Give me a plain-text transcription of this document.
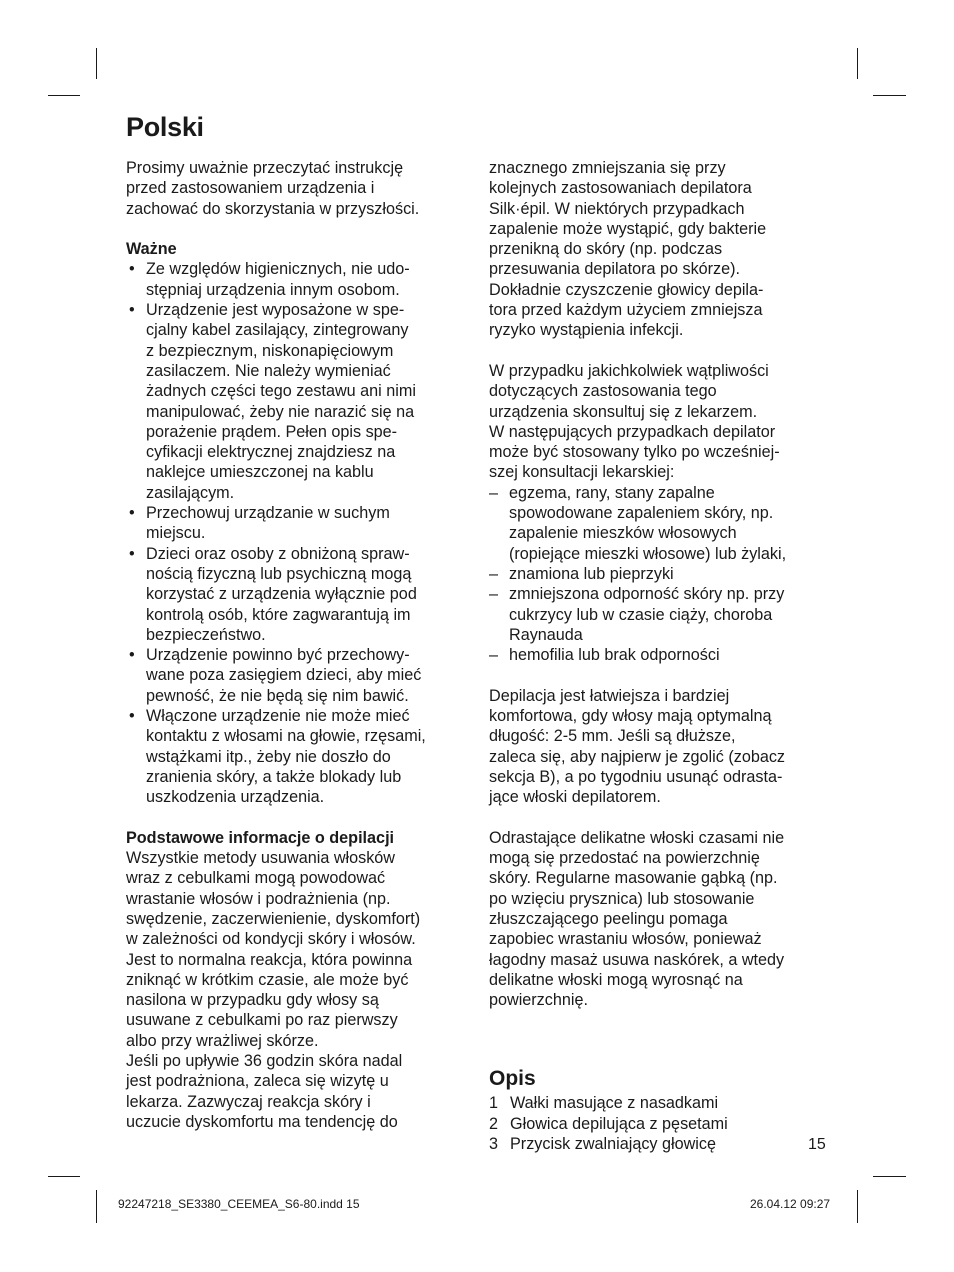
Polski

Prosimy uważnie przeczytać instrukcję

przed zastosowaniem urządzenia i

zachować do skorzystania w przyszłości.

Ważne

• Ze względów higienicznych, nie udo-

stępniaj urządzenia innym osobom.

• Urządzenie jest wyposażone w spe-

cjalny kabel zasilający, zintegrowany

z bezpiecznym, niskonapięciowym

zasilaczem. Nie należy wymieniać

żadnych części tego zestawu ani nimi

manipulować, żeby nie narazić się na

porażenie prądem. Pełen opis spe-

cyfikacji elektrycznej znajdziesz na

naklejce umieszczonej na kablu

zasilającym.

• Przechowuj urządzanie w suchym

miejscu.

• Dzieci oraz osoby z obniżoną spraw-

nością fizyczną lub psychiczną mogą

korzystać z urządzenia wyłącznie pod

kontrolą osób, które zagwarantują im

bezpieczeństwo.

• Urządzenie powinno być przechowy-

wane poza zasięgiem dzieci, aby mieć

pewność, że nie będą się nim bawić.

• Włączone urządzenie nie może mieć

kontaktu z włosami na głowie, rzęsami,

wstążkami itp., żeby nie doszło do

zranienia skóry, a także blokady lub

uszkodzenia urządzenia.

Podstawowe informacje o depilacji

Wszystkie metody usuwania włosków

wraz z cebulkami mogą powodować

wrastanie włosów i podrażnienia (np.

swędzenie, zaczerwienienie, dyskomfort)

w zależności od kondycji skóry i włosów.

Jest to normalna reakcja, która powinna

zniknąć w krótkim czasie, ale może być

nasilona w przypadku gdy włosy są

usuwane z cebulkami po raz pierwszy

albo przy wrażliwej skórze.

Jeśli po upływie 36 godzin skóra nadal

jest podrażniona, zaleca się wizytę u

lekarza. Zazwyczaj reakcja skóry i

uczucie dyskomfortu ma tendencję do

znacznego zmniejszania się przy

kolejnych zastosowaniach depilatora

Silk·épil. W niektórych przypadkach

zapalenie może wystąpić, gdy bakterie

przenikną do skóry (np. podczas

przesuwania depilatora po skórze).

Dokładnie czyszczenie głowicy depila-

tora przed każdym użyciem zmniejsza

ryzyko wystąpienia infekcji.

W przypadku jakichkolwiek wątpliwości

dotyczących zastosowania tego

urządzenia skonsultuj się z lekarzem.

W następujących przypadkach depilator

może być stosowany tylko po wcześniej-

szej konsultacji lekarskiej:

– egzema, rany, stany zapalne

spowodowane zapaleniem skóry, np.

zapalenie mieszków włosowych

(ropiejące mieszki włosowe) lub żylaki,

– znamiona lub pieprzyki

– zmniejszona odporność skóry np. przy

cukrzycy lub w czasie ciąży, choroba

Raynauda

– hemofilia lub brak odporności

Depilacja jest łatwiejsza i bardziej

komfortowa, gdy włosy mają optymalną

długość: 2-5 mm. Jeśli są dłuższe,

zaleca się, aby najpierw je zgolić (zobacz

sekcja B), a po tygodniu usunąć odrasta-

jące włoski depilatorem.

Odrastające delikatne włoski czasami nie

mogą się przedostać na powierzchnię

skóry. Regularne masowanie gąbką (np.

po wzięciu prysznica) lub stosowanie

złuszczającego peelingu pomaga

zapobiec wrastaniu włosów, ponieważ

łagodny masaż usuwa naskórek, a wtedy

delikatne włoski mogą wyrosnąć na

powierzchnię.

Opis
1 Wałki masujące z nasadkami
2 Głowica depilująca z pęsetami
3 Przycisk zwalniający głowicę	15
92247218_SE3380_CEEMEA_S6-80.indd 15	26.04.12 09:27
